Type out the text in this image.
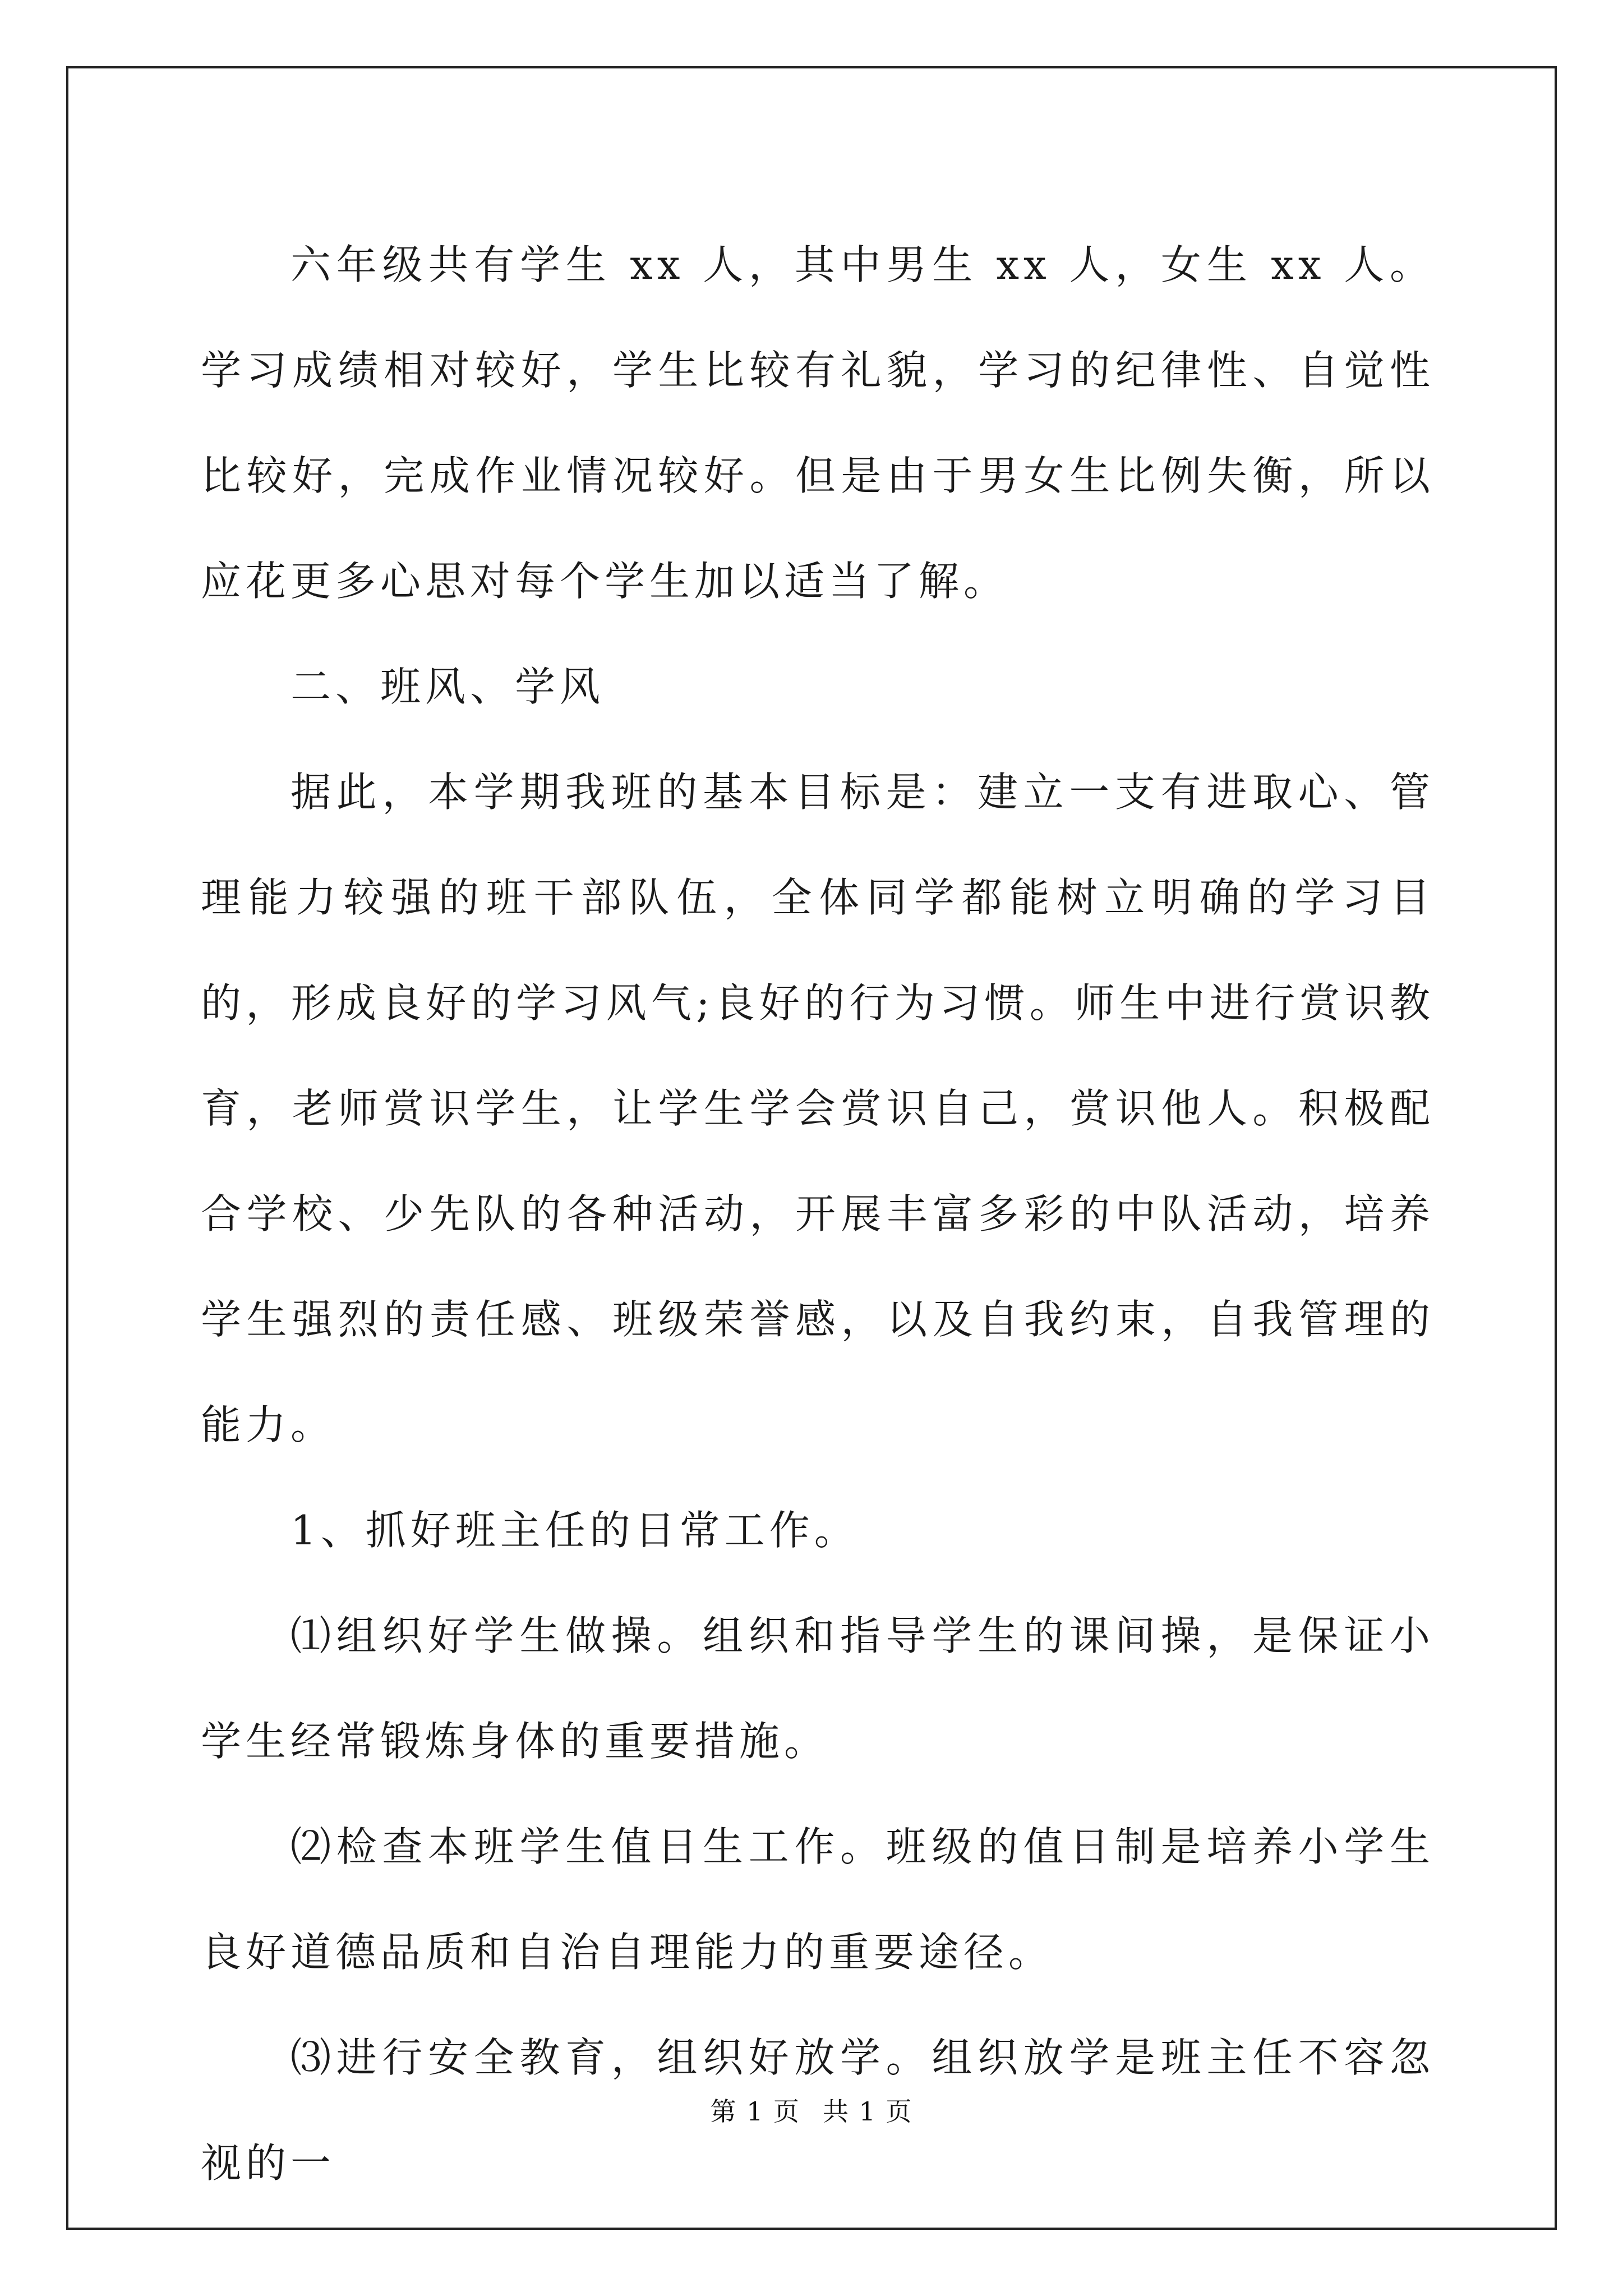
六年级共有学生 xx 人，其中男生 xx 人，女生 xx 人。学习成绩相对较好，学生比较有礼貌，学习的纪律性、自觉性比较好，完成作业情况较好。但是由于男女生比例失衡，所以应花更多心思对每个学生加以适当了解。

二、班风、学风

据此，本学期我班的基本目标是：建立一支有进取心、管理能力较强的班干部队伍，全体同学都能树立明确的学习目的，形成良好的学习风气;良好的行为习惯。师生中进行赏识教育，老师赏识学生，让学生学会赏识自己，赏识他人。积极配合学校、少先队的各种活动，开展丰富多彩的中队活动，培养学生强烈的责任感、班级荣誉感，以及自我约束，自我管理的能力。

1、抓好班主任的日常工作。

⑴组织好学生做操。组织和指导学生的课间操，是保证小学生经常锻炼身体的重要措施。

⑵检查本班学生值日生工作。班级的值日制是培养小学生良好道德品质和自治自理能力的重要途径。

⑶进行安全教育，组织好放学。组织放学是班主任不容忽视的一

第 1 页 共 1 页
